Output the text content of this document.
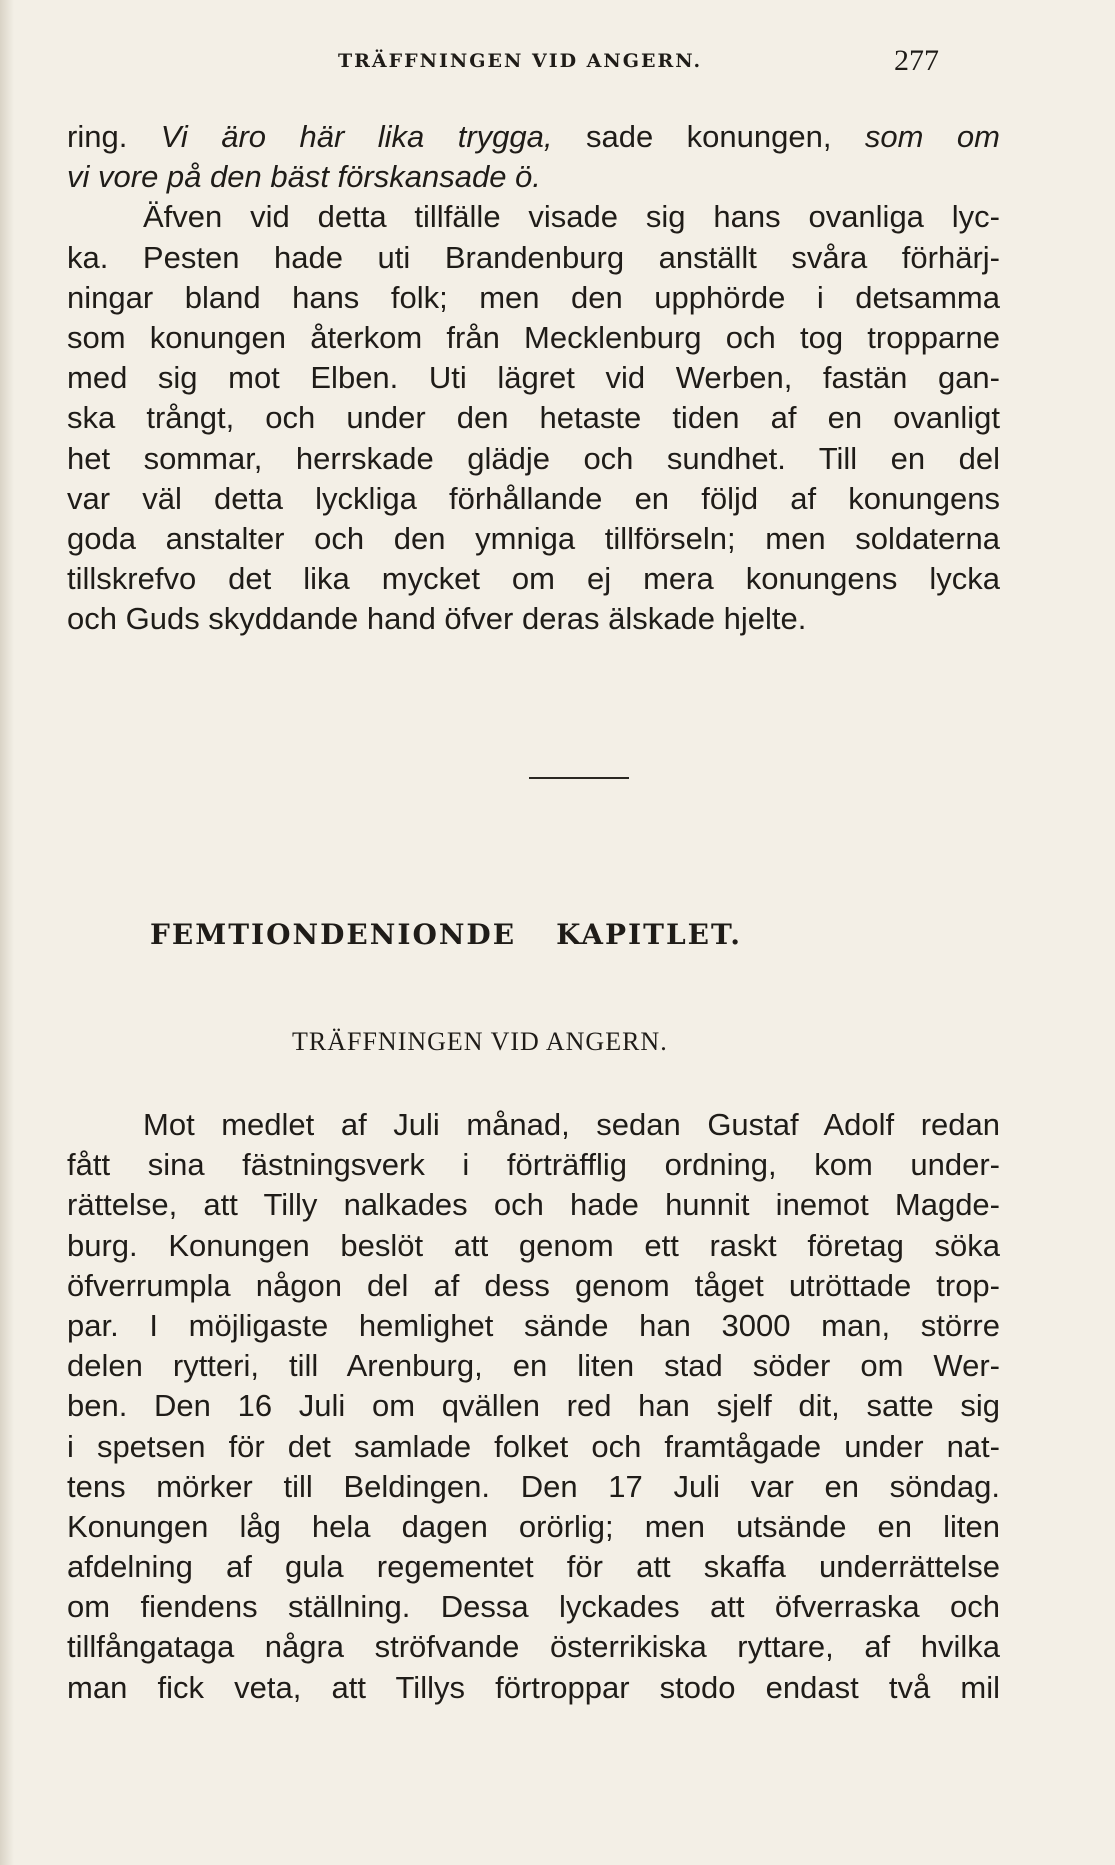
TRÄFFNINGEN VID ANGERN.	277
ring. Vi äro här lika trygga, sade konungen, som om
vi vore på den bäst förskansade ö.
Äfven vid detta tillfälle visade sig hans ovanliga lyc-
ka. Pesten hade uti Brandenburg anställt svåra förhärj-
ningar bland hans folk; men den upphörde i detsamma
som konungen återkom från Mecklenburg och tog tropparne
med sig mot Elben. Uti lägret vid Werben, fastän gan-
ska trångt, och under den hetaste tiden af en ovanligt
het sommar, herrskade glädje och sundhet. Till en del
var väl detta lyckliga förhållande en följd af konungens
goda anstalter och den ymniga tillförseln; men soldaterna
tillskrefvo det lika mycket om ej mera konungens lycka
och Guds skyddande hand öfver deras älskade hjelte.
FEMTIONDENIONDE KAPITLET.
TRÄFFNINGEN VID ANGERN.
Mot medlet af Juli månad, sedan Gustaf Adolf redan
fått sina fästningsverk i förträfflig ordning, kom under-
rättelse, att Tilly nalkades och hade hunnit inemot Magde-
burg. Konungen beslöt att genom ett raskt företag söka
öfverrumpla någon del af dess genom tåget utröttade trop-
par. I möjligaste hemlighet sände han 3000 man, större
delen rytteri, till Arenburg, en liten stad söder om Wer-
ben. Den 16 Juli om qvällen red han sjelf dit, satte sig
i spetsen för det samlade folket och framtågade under nat-
tens mörker till Beldingen. Den 17 Juli var en söndag.
Konungen låg hela dagen orörlig; men utsände en liten
afdelning af gula regementet för att skaffa underrättelse
om fiendens ställning. Dessa lyckades att öfverraska och
tillfångataga några ströfvande österrikiska ryttare, af hvilka
man fick veta, att Tillys förtroppar stodo endast två mil
